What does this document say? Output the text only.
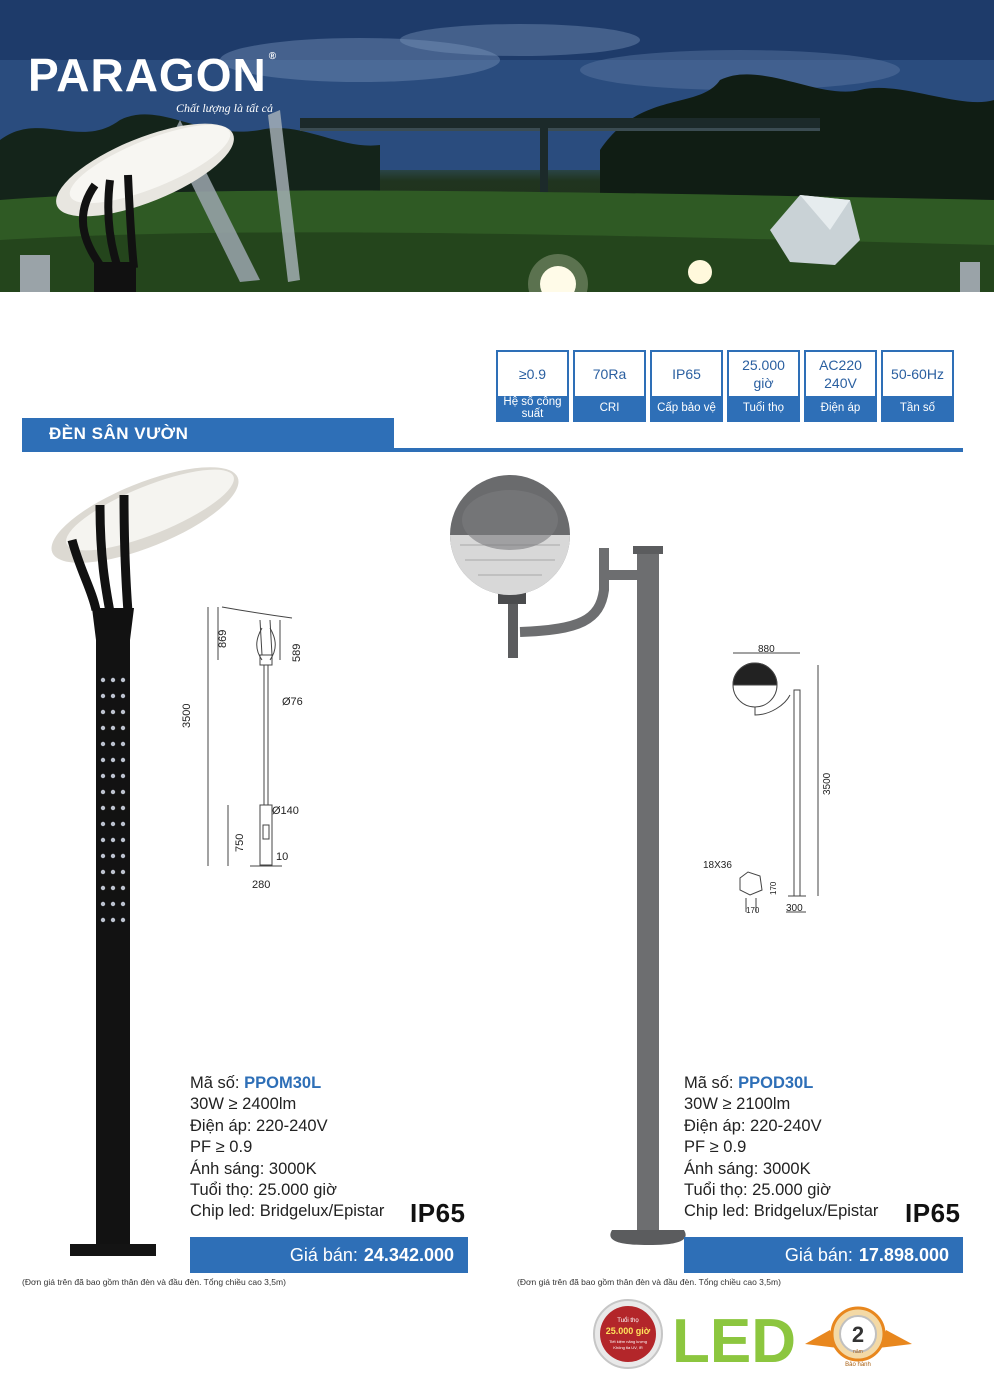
PARAGON ®
Chất lượng là tất cả
≥0.9
Hệ số công suất
70Ra
CRI
IP65
Cấp bảo vệ
25.000 giờ
Tuổi thọ
AC220 240V
Điện áp
50-60Hz
Tần số
ĐÈN SÂN VƯỜN
869
589
3500
Ø76
Ø140
750
10
280
880
3500
18X36
170
170	300
Mã số: PPOM30L
30W ≥ 2400lm
Điện áp: 220-240V
PF ≥ 0.9
Ánh sáng: 3000K
Tuổi thọ: 25.000 giờ
Chip led: Bridgelux/Epistar IP65
Giá bán: 24.342.000
(Đơn giá trên đã bao gồm thân đèn và đầu đèn. Tổng chiều cao 3,5m)
Mã số: PPOD30L
30W ≥ 2100lm
Điện áp: 220-240V
PF ≥ 0.9
Ánh sáng: 3000K
Tuổi thọ: 25.000 giờ
Chip led: Bridgelux/Epistar IP65
Giá bán: 17.898.000
(Đơn giá trên đã bao gồm thân đèn và đầu đèn. Tổng chiều cao 3,5m)
Tuổi thọ
25.000 giờ
Tiết kiệm năng lượng
Không tia UV, IR LED	2
năm
Bảo hành
